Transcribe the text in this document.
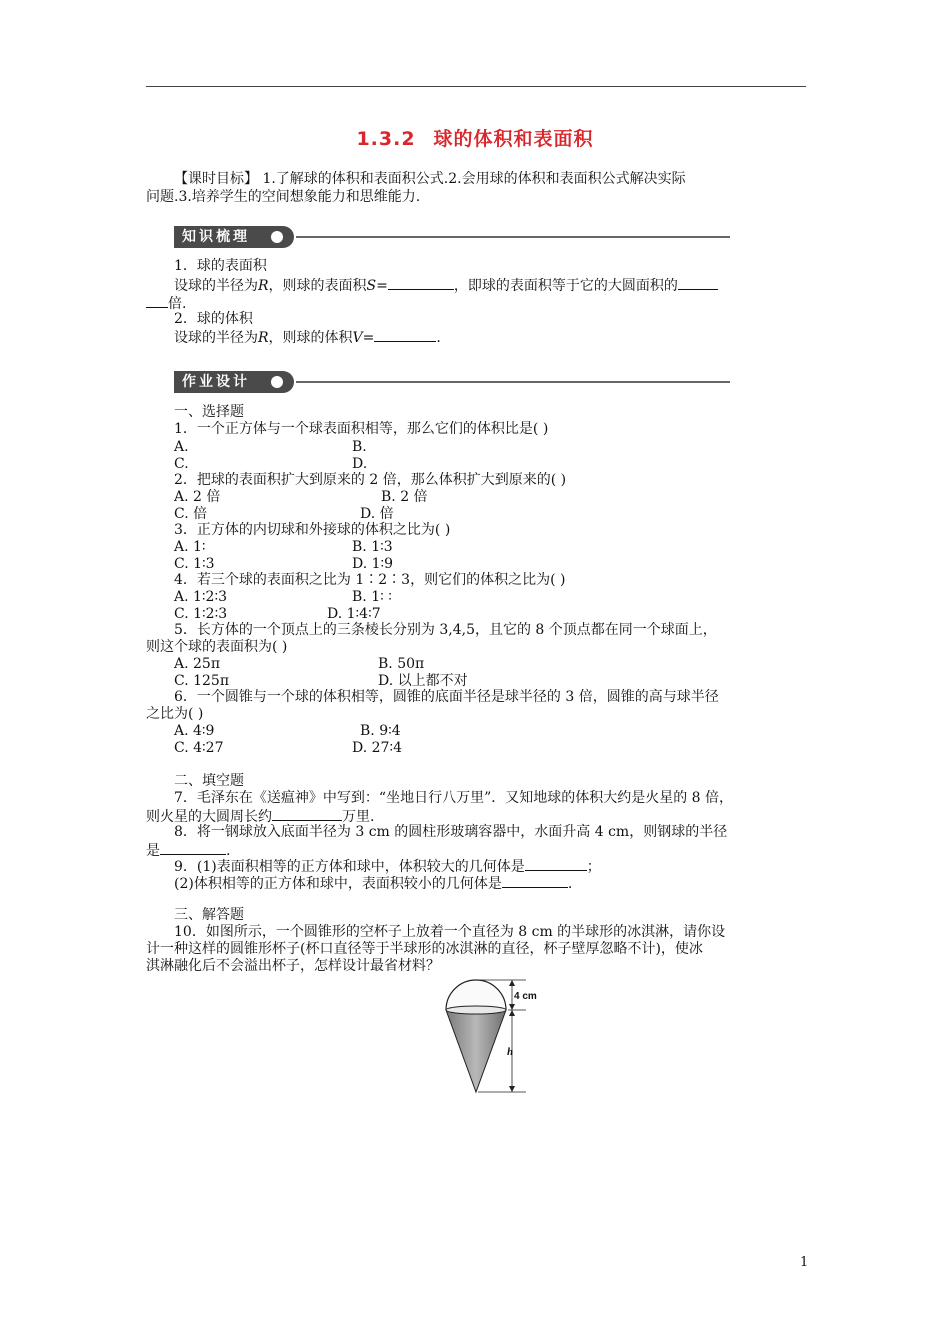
1.3.2 球的体积和表面积
【课时目标】 1.了解球的体积和表面积公式.2.会用球的体积和表面积公式解决实际
问题.3.培养学生的空间想象能力和思维能力.
知识梳理
1．球的表面积
设球的半径为R，则球的表面积S=	，即球的表面积等于它的大圆面积的
倍.
2．球的体积
设球的半径为R，则球的体积V=	.
作业设计
一、选择题
1．一个正方体与一个球表面积相等，那么它们的体积比是( )
A.	B.
C.	D.
2．把球的表面积扩大到原来的 2 倍，那么体积扩大到原来的( )
A. 2 倍	B. 2 倍
C. 倍	D. 倍
3．正方体的内切球和外接球的体积之比为( )
A. 1∶	B. 1∶3
C. 1∶3	D. 1∶9
4．若三个球的表面积之比为 1∶2∶3，则它们的体积之比为( )
A. 1∶2∶3	B. 1∶ ∶
C. 1∶2∶3	D. 1∶4∶7
5．长方体的一个顶点上的三条棱长分别为 3,4,5，且它的 8 个顶点都在同一个球面上，
则这个球的表面积为( )
A. 25π	B. 50π
C. 125π	D. 以上都不对
6．一个圆锥与一个球的体积相等，圆锥的底面半径是球半径的 3 倍，圆锥的高与球半径
之比为( )
A. 4∶9	B. 9∶4
C. 4∶27	D. 27∶4
二、填空题
7．毛泽东在《送瘟神》中写到：“坐地日行八万里”．又知地球的体积大约是火星的 8 倍，
则火星的大圆周长约	万里.
8．将一钢球放入底面半径为 3 cm 的圆柱形玻璃容器中，水面升高 4 cm，则钢球的半径
是	.
9．(1)表面积相等的正方体和球中，体积较大的几何体是	；
(2)体积相等的正方体和球中，表面积较小的几何体是	.
三、解答题
10．如图所示，一个圆锥形的空杯子上放着一个直径为 8 cm 的半球形的冰淇淋，请你设
计一种这样的圆锥形杯子(杯口直径等于半球形的冰淇淋的直径，杯子壁厚忽略不计)，使冰
淇淋融化后不会溢出杯子，怎样设计最省材料？
4 cm
h
1
